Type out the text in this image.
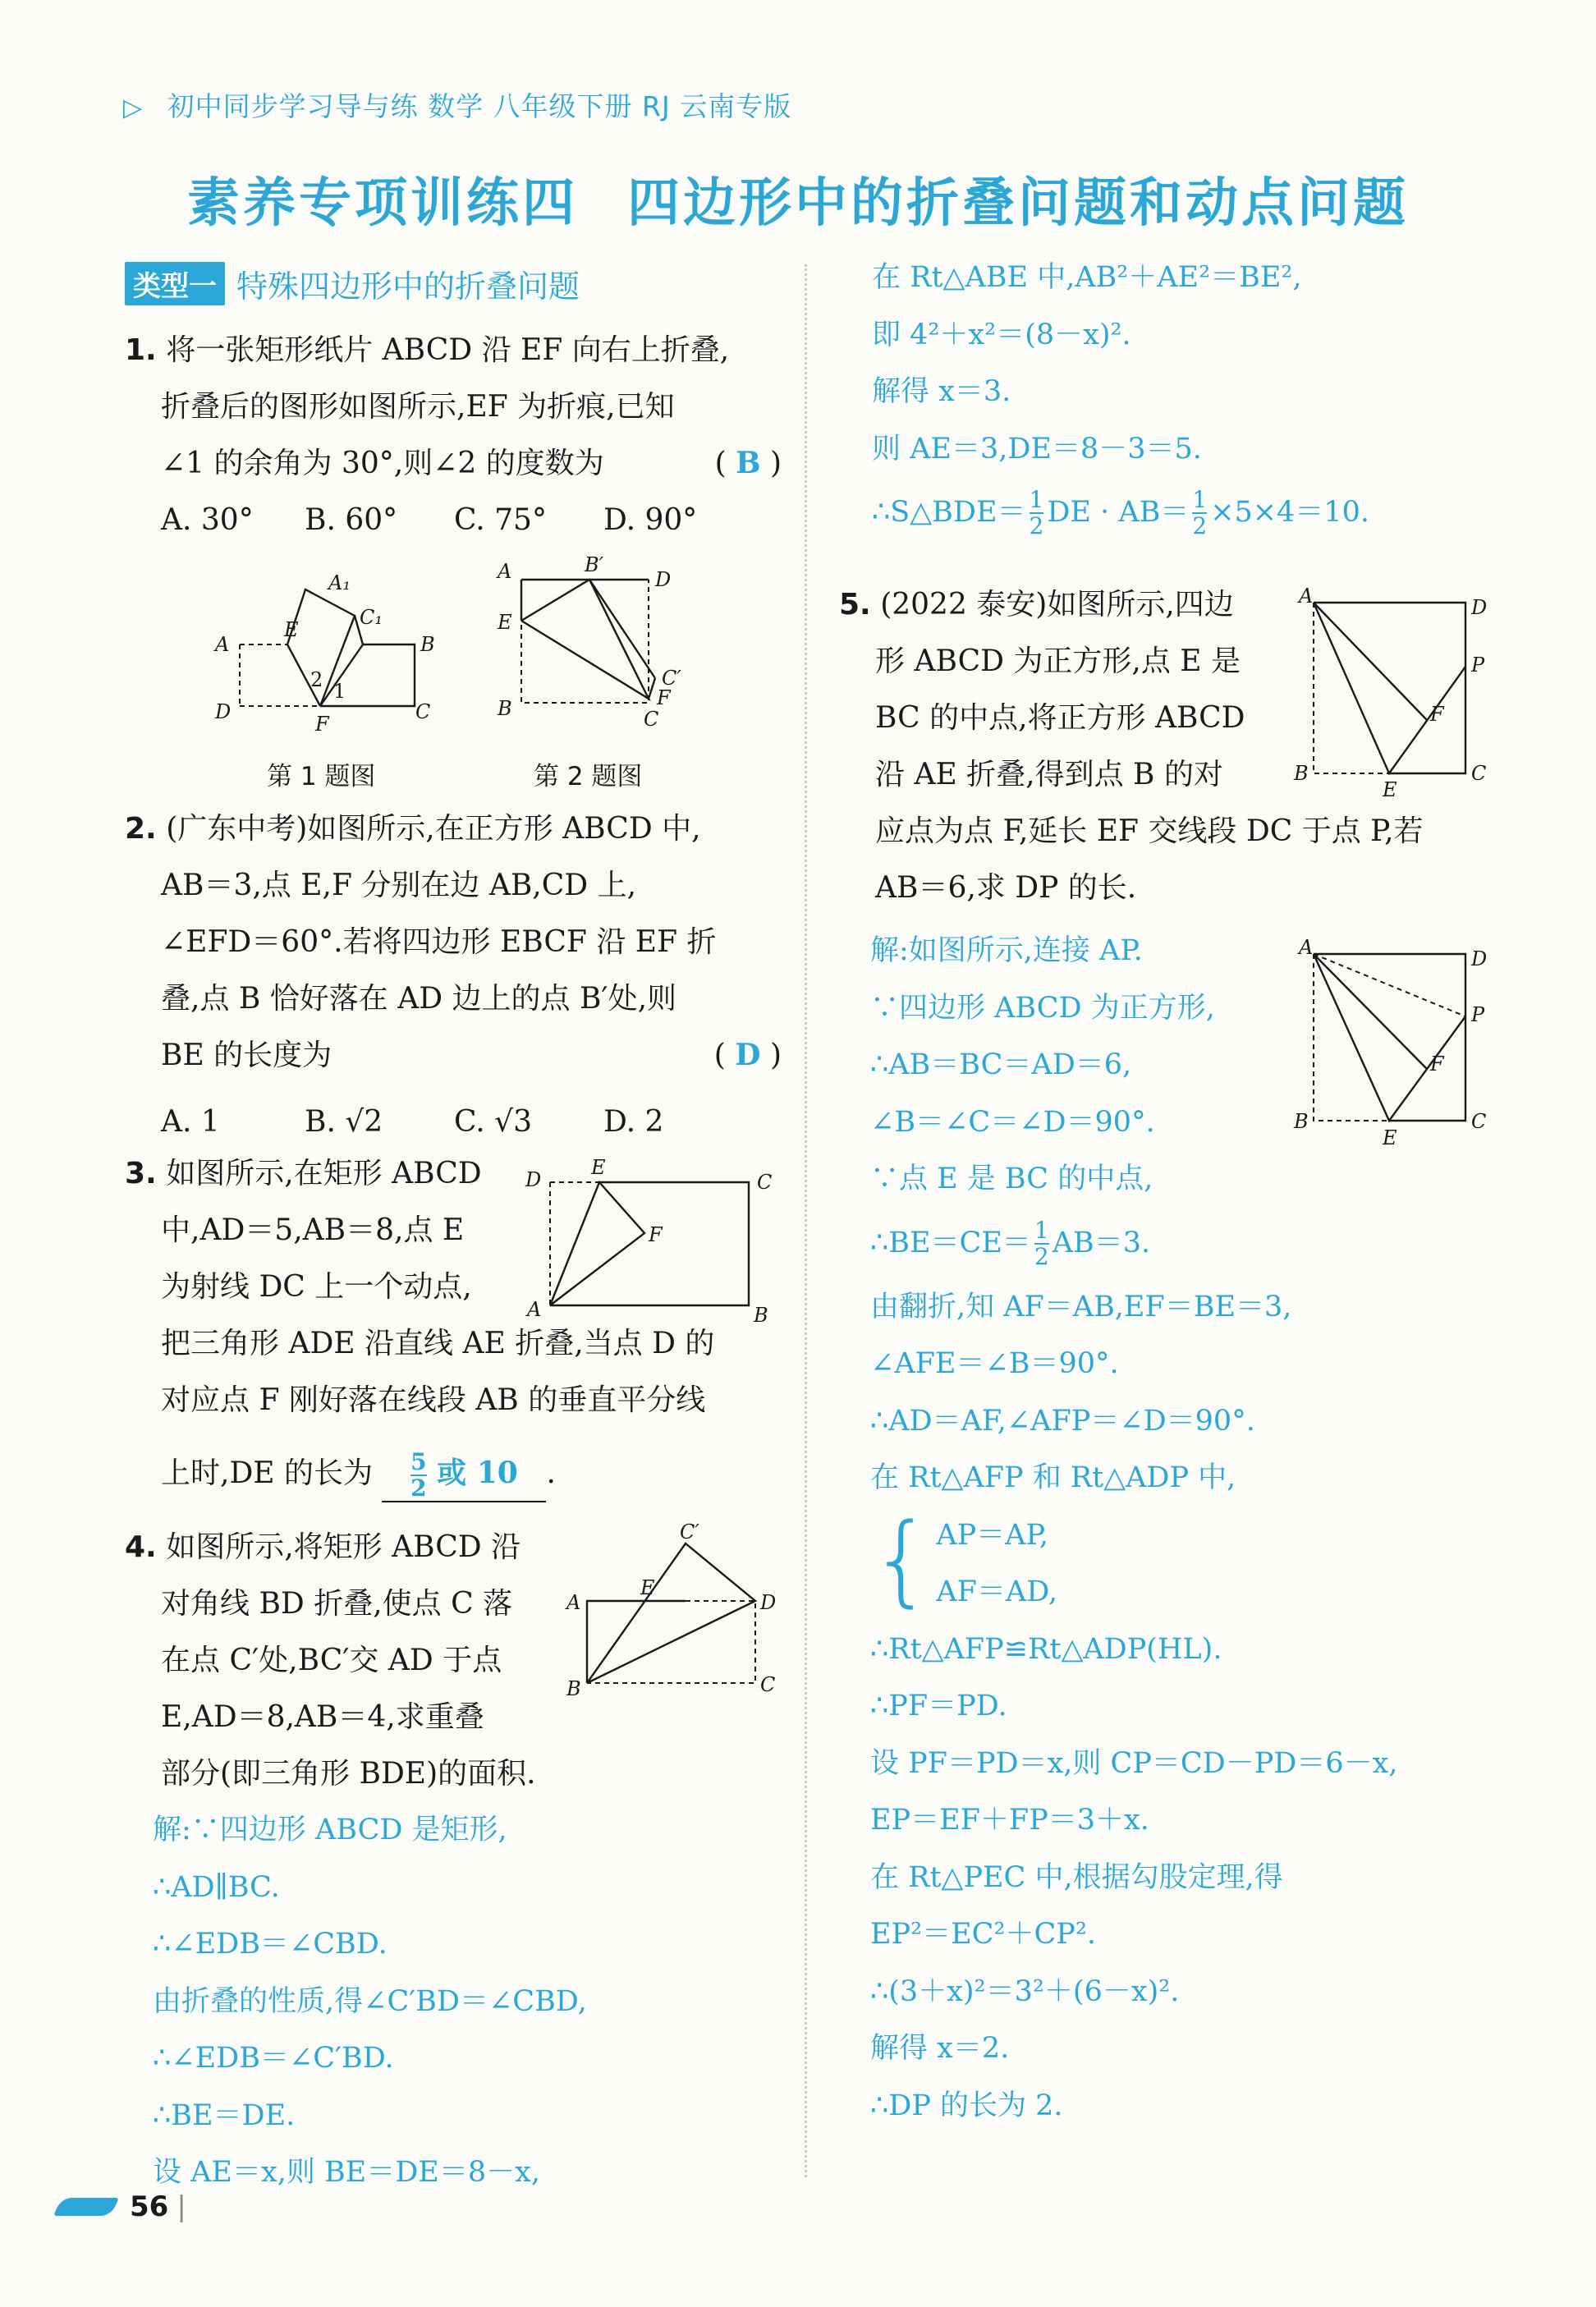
▷ 初中同步学习导与练 数学 八年级下册 RJ 云南专版
素养专项训练四 四边形中的折叠问题和动点问题
类型一 特殊四边形中的折叠问题
1. 将一张矩形纸片 ABCD 沿 EF 向右上折叠,
折叠后的图形如图所示,EF 为折痕,已知
∠1 的余角为 30°,则∠2 的度数为	( B )
A. 30°	B. 60°	C. 75°	D. 90°
A₁
A
E
C₁
B
D
F
C
2 1
第 1 题图
A	B′
D
E
C′
F
B	C
第 2 题图
2. (广东中考)如图所示,在正方形 ABCD 中,
AB＝3,点 E,F 分别在边 AB,CD 上,
∠EFD＝60°.若将四边形 EBCF 沿 EF 折
叠,点 B 恰好落在 AD 边上的点 B′处,则
BE 的长度为	( D )
A. 1	B. √2	C. √3	D. 2
3. 如图所示,在矩形 ABCD
中,AD＝5,AB＝8,点 E
为射线 DC 上一个动点,
把三角形 ADE 沿直线 AE 折叠,当点 D 的
对应点 F 刚好落在线段 AB 的垂直平分线
上时,DE 的长为 $\frac{5}{2}$ 或 10 .
D
E
C
F
A	B
4. 如图所示,将矩形 ABCD 沿
对角线 BD 折叠,使点 C 落
在点 C′处,BC′交 AD 于点
E,AD＝8,AB＝4,求重叠
部分(即三角形 BDE)的面积.
解:∵四边形 ABCD 是矩形,
∴AD∥BC.
∴∠EDB＝∠CBD.
由折叠的性质,得∠C′BD＝∠CBD,
∴∠EDB＝∠C′BD.
∴BE＝DE.
设 AE＝x,则 BE＝DE＝8－x,
C′
E
A	D
B	C
在 Rt△ABE 中,AB²＋AE²＝BE²,
即 4²＋x²＝(8－x)².
解得 x＝3.
则 AE＝3,DE＝8－3＝5.
∴S△BDE＝ $\frac{1}{2}$ DE · $AB= \frac{1}{2} \times 5\times 4=10$.
5. (2022 泰安)如图所示,四边
形 ABCD 为正方形,点 E 是
BC 的中点,将正方形 ABCD
沿 AE 折叠,得到点 B 的对
应点为点 F,延长 EF 交线段 DC 于点 P,若
AB＝6,求 DP 的长.
A	D
P
F
B
E
C
解:如图所示,连接 AP.
∵四边形 ABCD 为正方形,
∴AB＝BC＝AD＝6,
∠B＝∠C＝∠D＝90°.
∵点 E 是 BC 的中点,
∴BE＝CE＝ $\frac{1}{2} AB=3$.
由翻折,知 AF＝AB,EF＝BE＝3,
∠AFE＝∠B＝90°.
∴AD＝AF,∠AFP＝∠D＝90°.
在 Rt△AFP 和 Rt△ADP 中,
{ AP＝AP,
AF＝AD,
∴Rt△AFP≌Rt△ADP(HL).
∴PF＝PD.
设 PF＝PD＝x,则 CP＝CD－PD＝6－x,
EP＝EF＋FP＝3＋x.
在 Rt△PEC 中,根据勾股定理,得
EP²＝EC²＋CP².
∴(3＋x)²＝3²＋(6－x)².
解得 x＝2.
∴DP 的长为 2.
A	D
P
F
B
E
C
56 |
